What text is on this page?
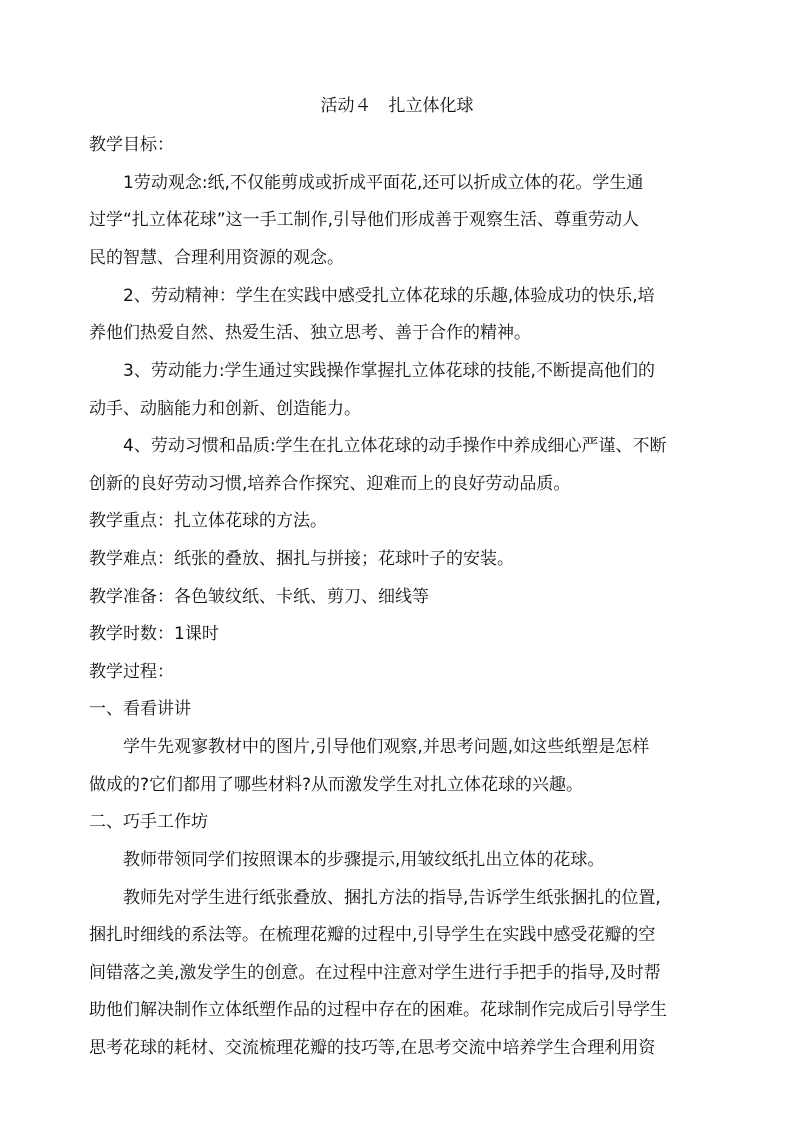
活动４　扎立体化球
教学目标：
1劳动观念:纸,不仅能剪成或折成平面花,还可以折成立体的花。学生通
过学“扎立体花球”这一手工制作,引导他们形成善于观察生活、尊重劳动人
民的智慧、合理利用资源的观念。
2、劳动精神：学生在实践中感受扎立体花球的乐趣,体验成功的快乐,培
养他们热爱自然、热爱生活、独立思考、善于合作的精神。
3、劳动能力:学生通过实践操作掌握扎立体花球的技能,不断提高他们的
动手、动脑能力和创新、创造能力。
4、劳动习惯和品质:学生在扎立体花球的动手操作中养成细心严谨、不断
创新的良好劳动习惯,培养合作探究、迎难而上的良好劳动品质。
教学重点：扎立体花球的方法。
教学难点：纸张的叠放、捆扎与拼接；花球叶子的安装。
教学准备：各色皱纹纸、卡纸、剪刀、细线等
教学时数：1课时
教学过程：
一、看看讲讲
学牛先观寥教材中的图片,引导他们观察,并思考问题,如这些纸塑是怎样
做成的?它们都用了哪些材料?从而激发学生对扎立体花球的兴趣。
二、巧手工作坊
教师带领同学们按照课本的步骤提示,用皱纹纸扎出立体的花球。
教师先对学生进行纸张叠放、捆扎方法的指导,告诉学生纸张捆扎的位置,
捆扎时细线的系法等。在梳理花瓣的过程中,引导学生在实践中感受花瓣的空
间错落之美,激发学生的创意。在过程中注意对学生进行手把手的指导,及时帮
助他们解决制作立体纸塑作品的过程中存在的困难。花球制作完成后引导学生
思考花球的耗材、交流梳理花瓣的技巧等,在思考交流中培养学生合理利用资
